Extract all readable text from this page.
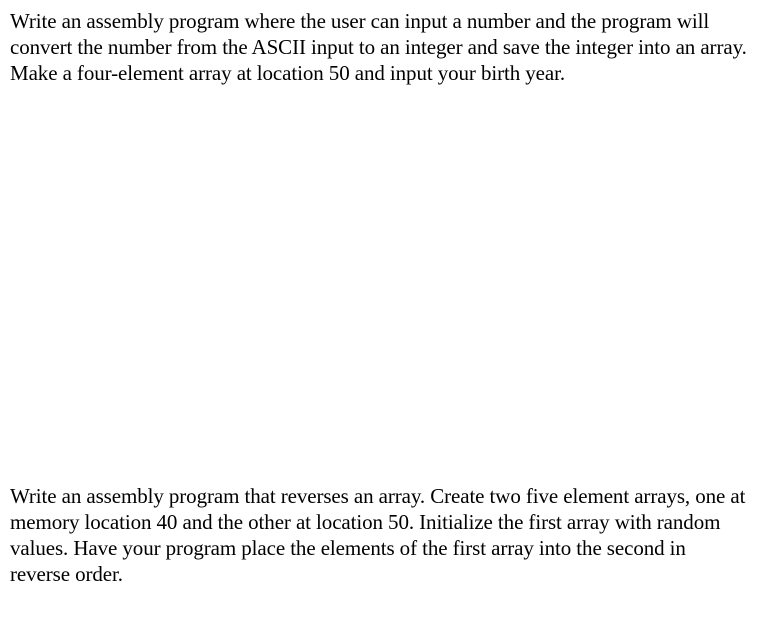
Write an assembly program where the user can input a number and the program will convert the number from the ASCII input to an integer and save the integer into an array. Make a four-element array at location 50 and input your birth year.

Write an assembly program that reverses an array. Create two five element arrays, one at memory location 40 and the other at location 50. Initialize the first array with random values. Have your program place the elements of the first array into the second in reverse order.
